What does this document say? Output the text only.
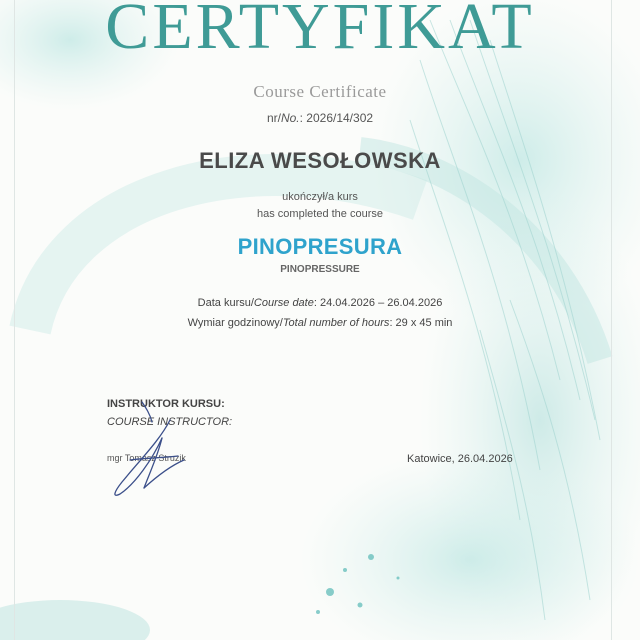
CERTYFIKAT
Course Certificate
nr/No.: 2026/14/302
ELIZA WESOŁOWSKA
ukończył/a kurs
has completed the course
PINOPRESURA
PINOPRESSURE
Data kursu/Course date: 24.04.2026 – 26.04.2026
Wymiar godzinowy/Total number of hours: 29 x 45 min
INSTRUKTOR KURSU:
COURSE INSTRUCTOR:
mgr Tomasz Struzik	Katowice, 26.04.2026
